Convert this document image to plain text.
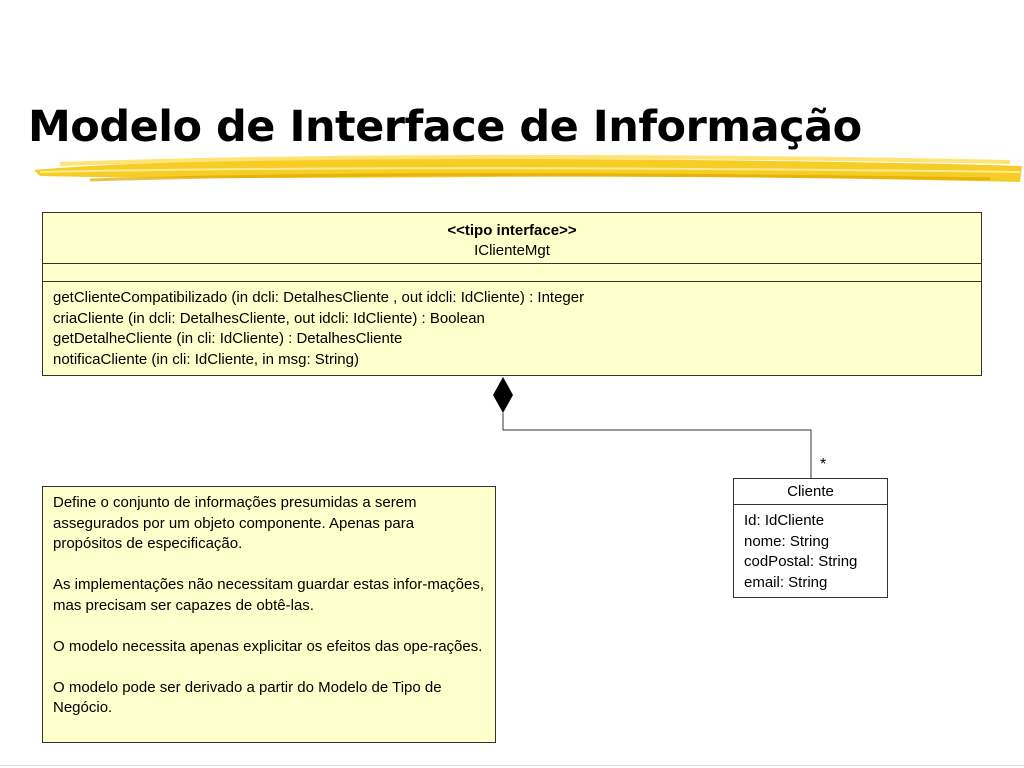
Modelo de Interface de Informação
<<tipo interface>>
IClienteMgt
getClienteCompatibilizado (in dcli: DetalhesCliente , out idcli: IdCliente) : Integer
criaCliente (in dcli: DetalhesCliente, out idcli: IdCliente) : Boolean
getDetalheCliente (in cli: IdCliente) : DetalhesCliente
notificaCliente (in cli: IdCliente, in msg: String)
*
Cliente
Id: IdCliente
nome: String
codPostal: String
email: String

Define o conjunto de informações presumidas a serem assegurados por um objeto componente. Apenas para propósitos de especificação.

As implementações não necessitam guardar estas infor-mações, mas precisam ser capazes de obtê-las.

O modelo necessita apenas explicitar os efeitos das ope-rações.

O modelo pode ser derivado a partir do Modelo de Tipo de Negócio.
